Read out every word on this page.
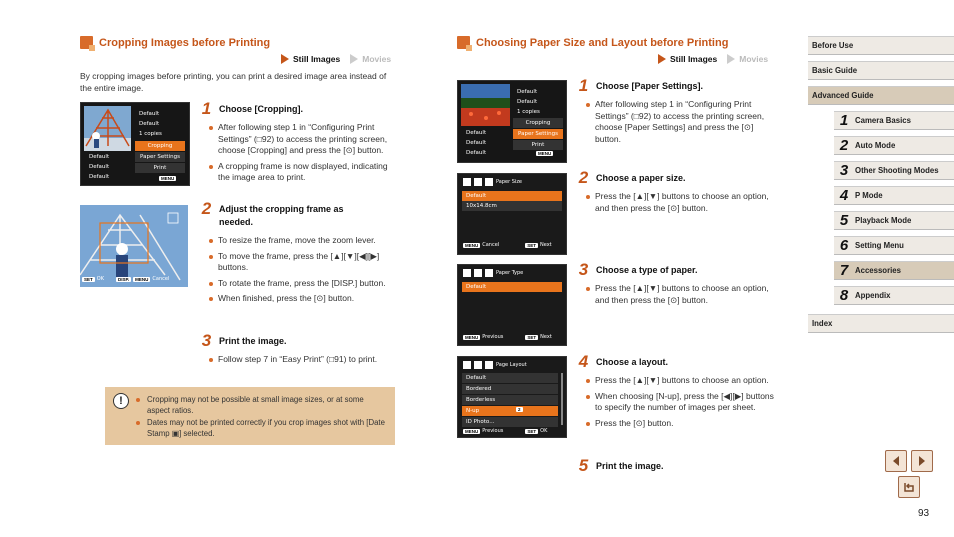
Cropping Images before Printing
Still Images	Movies
By cropping images before printing, you can print a desired image area instead of the entire image.
Default
Default
1 copies
Cropping
Paper Settings
Print
Default
Default
Default	MENU
SET OK	DISP.	MENU Cancel
1 Choose [Cropping].
After following step 1 in “Configuring Print Settings” (□92) to access the printing screen, choose [Cropping] and press the [⊙] button.
A cropping frame is now displayed, indicating the image area to print.
2 Adjust the cropping frame as needed.
To resize the frame, move the zoom lever.
To move the frame, press the [▲][▼][◀][▶] buttons.
To rotate the frame, press the [DISP.] button.
When finished, press the [⊙] button.
3 Print the image.
Follow step 7 in “Easy Print” (□91) to print.
!	Cropping may not be possible at small image sizes, or at some aspect ratios.
Dates may not be printed correctly if you crop images shot with [Date Stamp ▣] selected.
Choosing Paper Size and Layout before Printing
Still Images	Movies
Default
Default
1 copies
Cropping
Paper Settings
Print
Default
Default
Default	MENU
Paper Size
Default
10x14.8cm
MENU Cancel	SET Next
Paper Type
Default
MENU Previous	SET Next
Page Layout
Default
Bordered
Borderless
N-up	2
ID Photo...
MENU Previous	SET OK
1 Choose [Paper Settings].
After following step 1 in “Configuring Print Settings” (□92) to access the printing screen, choose [Paper Settings] and press the [⊙] button.
2 Choose a paper size.
Press the [▲][▼] buttons to choose an option, and then press the [⊙] button.
3 Choose a type of paper.
Press the [▲][▼] buttons to choose an option, and then press the [⊙] button.
4 Choose a layout.
Press the [▲][▼] buttons to choose an option.
When choosing [N-up], press the [◀][▶] buttons to specify the number of images per sheet.
Press the [⊙] button.
5 Print the image.
Before Use
Basic Guide
Advanced Guide
1 Camera Basics
2 Auto Mode
3 Other Shooting Modes
4 P Mode
5 Playback Mode
6 Setting Menu
7 Accessories
8 Appendix
Index
93
